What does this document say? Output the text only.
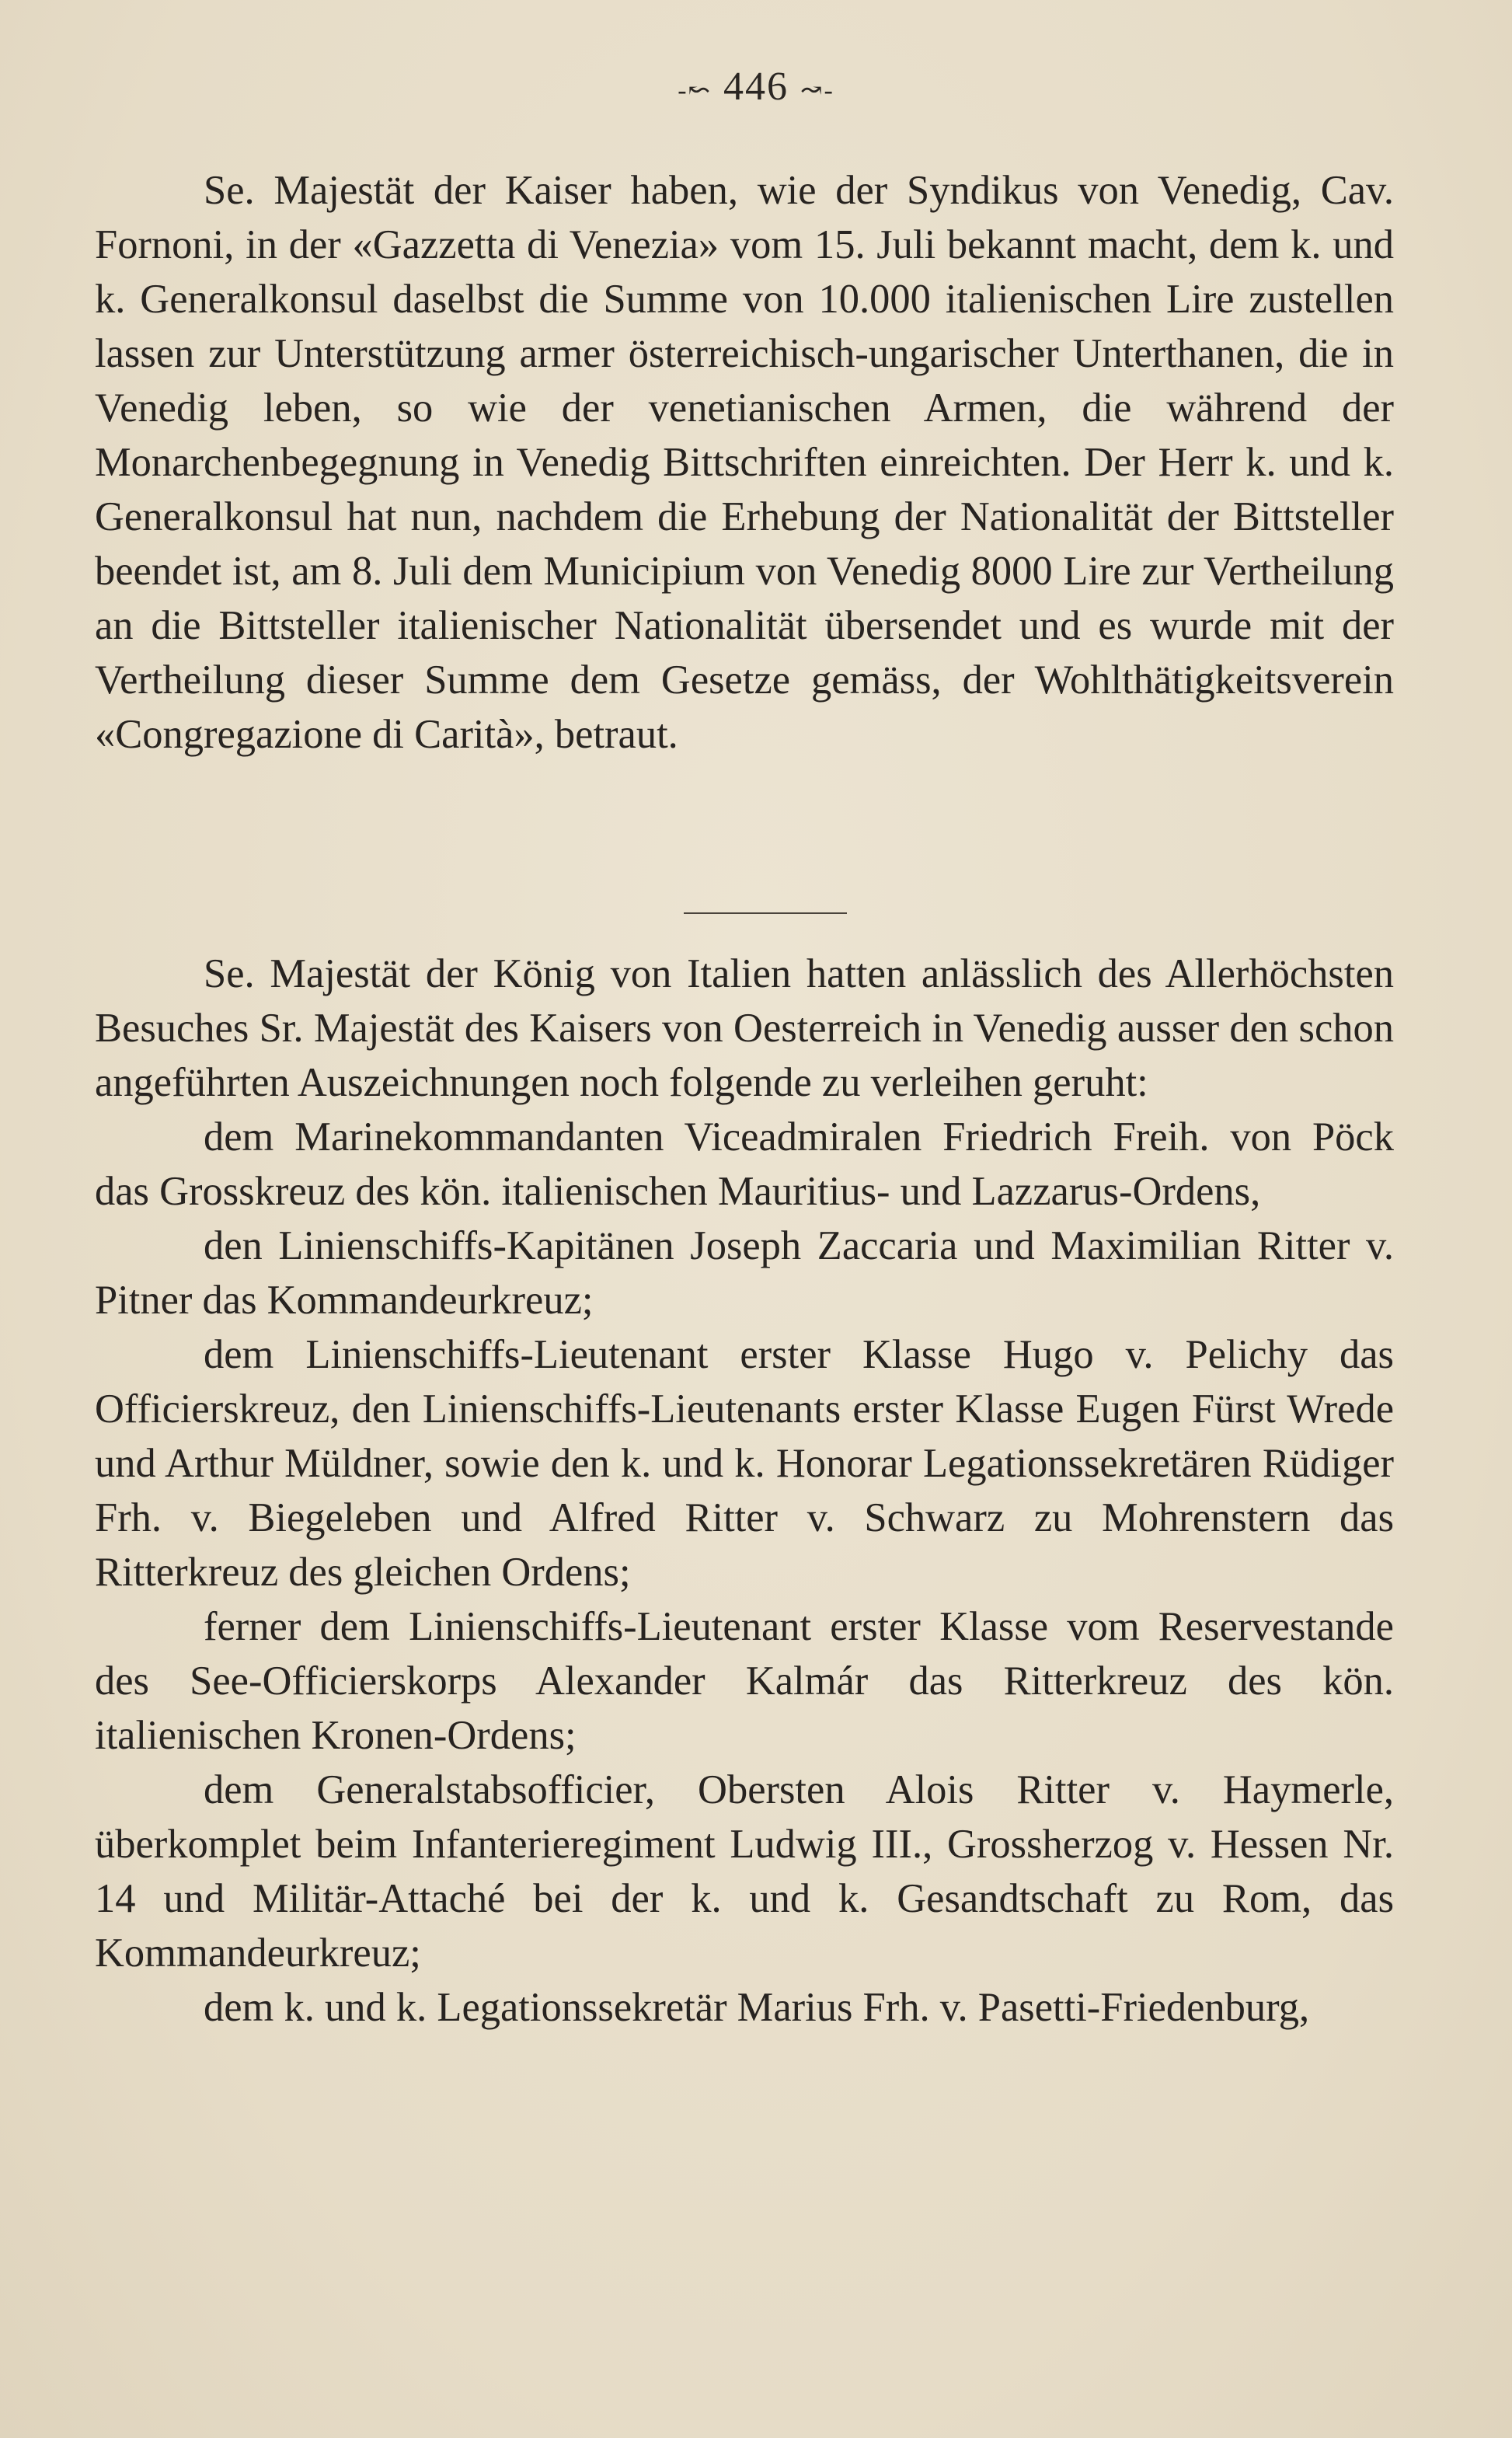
-↜ 446 ↝-

Se. Majestät der Kaiser haben, wie der Syndikus von Venedig, Cav. Fornoni, in der «Gazzetta di Venezia» vom 15. Juli bekannt macht, dem k. und k. Generalkonsul daselbst die Summe von 10.000 italienischen Lire zustellen lassen zur Unterstützung armer österreichisch-ungarischer Unterthanen, die in Venedig leben, so wie der venetianischen Armen, die während der Monarchenbegegnung in Venedig Bittschriften einreichten. Der Herr k. und k. Generalkonsul hat nun, nachdem die Erhebung der Nationalität der Bittsteller beendet ist, am 8. Juli dem Municipium von Venedig 8000 Lire zur Vertheilung an die Bittsteller italienischer Nationalität übersendet und es wurde mit der Vertheilung dieser Summe dem Gesetze gemäss, der Wohlthätigkeitsverein «Congregazione di Carità», betraut.

Se. Majestät der König von Italien hatten anlässlich des Allerhöchsten Besuches Sr. Majestät des Kaisers von Oesterreich in Venedig ausser den schon angeführten Auszeichnungen noch folgende zu verleihen geruht:

dem Marinekommandanten Viceadmiralen Friedrich Freih. von Pöck das Grosskreuz des kön. italienischen Mauritius- und Lazzarus-Ordens,

den Linienschiffs-Kapitänen Joseph Zaccaria und Maximilian Ritter v. Pitner das Kommandeurkreuz;

dem Linienschiffs-Lieutenant erster Klasse Hugo v. Pelichy das Officierskreuz, den Linienschiffs-Lieutenants erster Klasse Eugen Fürst Wrede und Arthur Müldner, sowie den k. und k. Honorar Legationssekretären Rüdiger Frh. v. Biegeleben und Alfred Ritter v. Schwarz zu Mohrenstern das Ritterkreuz des gleichen Ordens;

ferner dem Linienschiffs-Lieutenant erster Klasse vom Reservestande des See-Officierskorps Alexander Kalmár das Ritterkreuz des kön. italienischen Kronen-Ordens;

dem Generalstabsofficier, Obersten Alois Ritter v. Haymerle, überkomplet beim Infanterieregiment Ludwig III., Grossherzog v. Hessen Nr. 14 und Militär-Attaché bei der k. und k. Gesandtschaft zu Rom, das Kommandeurkreuz;

dem k. und k. Legationssekretär Marius Frh. v. Pasetti-Friedenburg,
